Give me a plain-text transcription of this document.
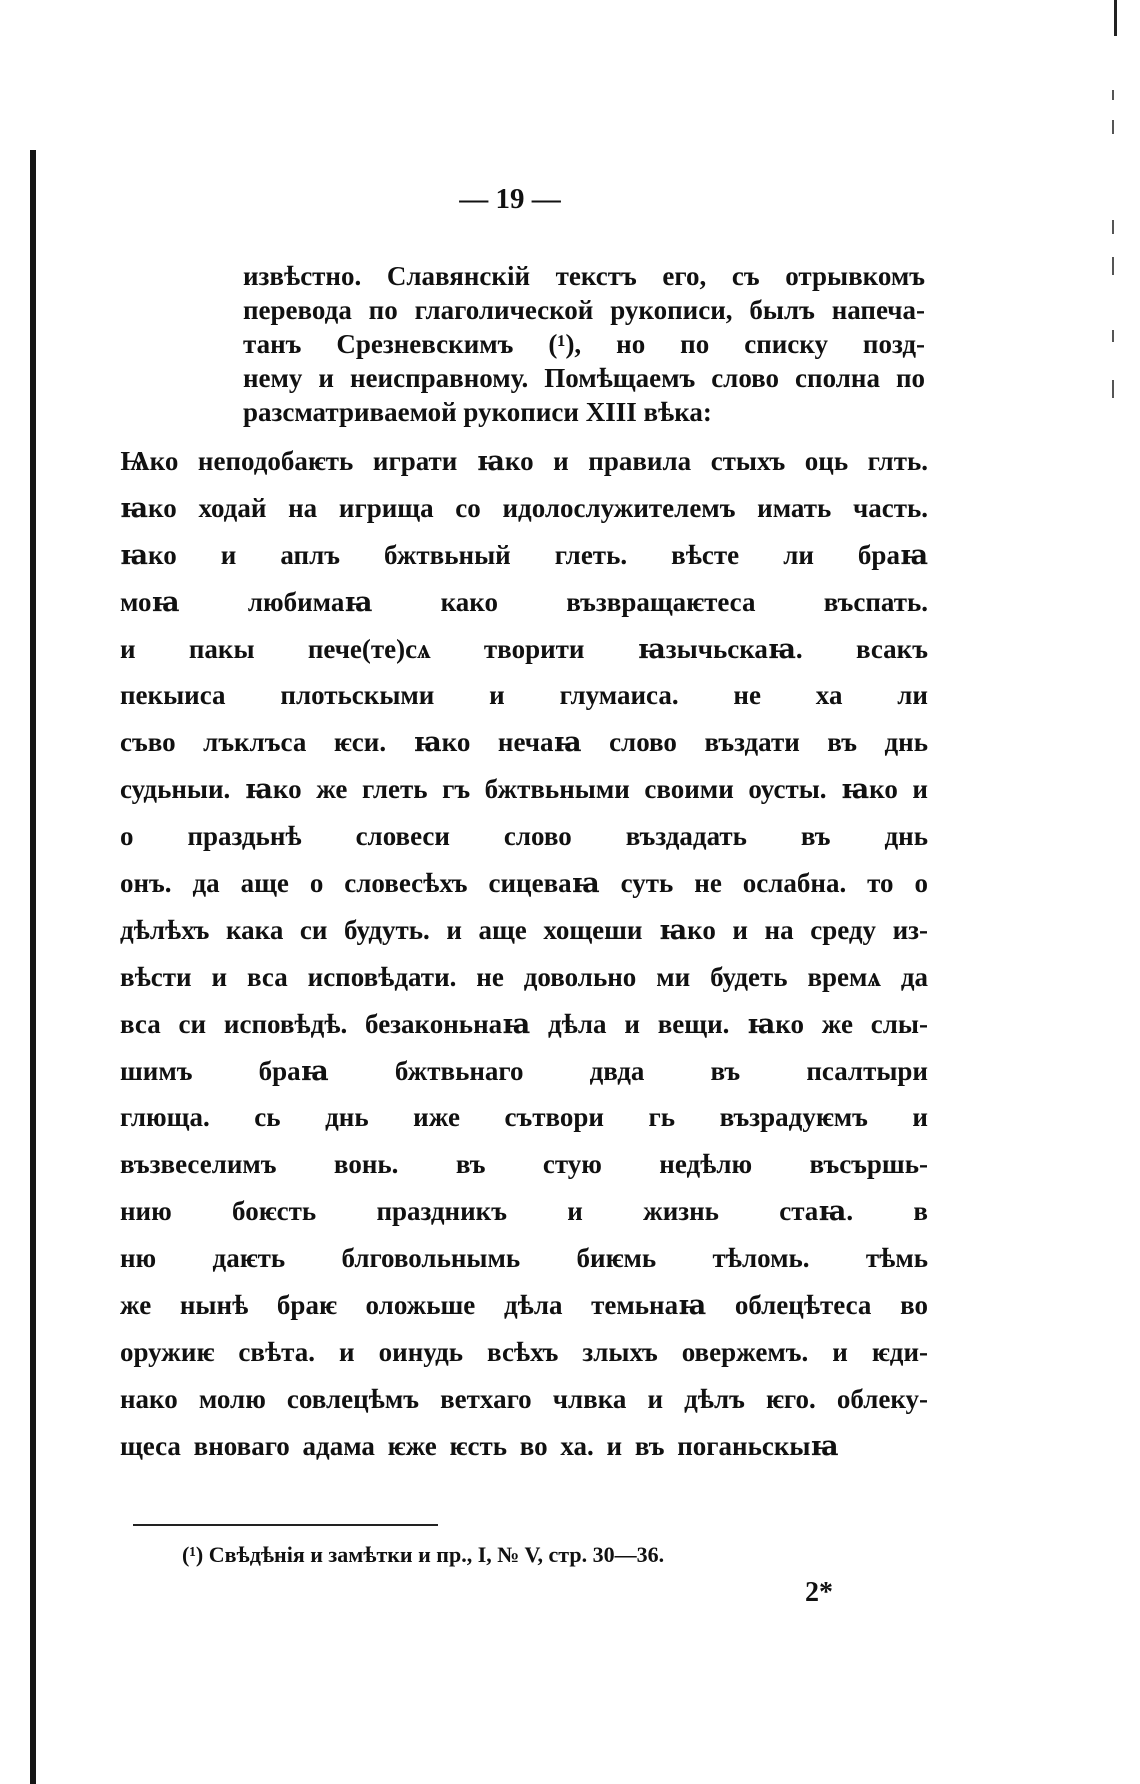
— 19 —
извѣстно. Славянскій текстъ его, съ отрывкомъ
перевода по глаголической рукописи, былъ напеча-
танъ Срезневскимъ (¹), но по списку позд-
нему и неисправному. Помѣщаемъ слово сполна по
разсматриваемой рукописи XIII вѣка:
Ѩко неподобаѥть играти ꙗко и правила стыхъ оць глть.
ꙗко ходай на игрища со идолослужителемъ имать часть.
ꙗко и аплъ бжтвьный глеть. вѣсте ли браꙗ
моꙗ любимаꙗ како възвращаѥтеса въспать.
и пакы пече(те)сѧ творити ꙗзычьскаꙗ. всакъ
пекыиса плотьскыми и глумаиса. не ха ли
съво лъклъса ѥси. ꙗко нечаꙗ слово въздати въ днь
судьныи. ꙗко же глеть гъ бжтвьными своими оусты. ꙗко и
о праздьнѣ словеси слово въздадать въ днь
онъ. да аще о словесѣхъ сицеваꙗ суть не ослабна. то о
дѣлѣхъ кака си будуть. и аще хощеши ꙗко и на среду из-
вѣсти и вса исповѣдати. не довольно ми будеть времѧ да
вса си исповѣдѣ. безаконьнаꙗ дѣла и вещи. ꙗко же слы-
шимъ браꙗ бжтвьнаго двда въ псалтыри
глюща. сь днь иже сътвори гь възрадуѥмъ и
възвеселимъ вонь. въ стую недѣлю въсършь-
нию боѥсть праздникъ и жизнь стаꙗ. в
ню даѥть блговольнымь биѥмь тѣломь. тѣмь
же нынѣ браѥ оложьше дѣла темьнаꙗ облецѣтеса во
оружиѥ свѣта. и оинудь всѣхъ злыхъ овержемъ. и ѥди-
нако молю совлецѣмъ ветхаго члвка и дѣлъ ѥго. облеку-
щеса вноваго адама ѥже ѥсть во ха. и въ поганьскыꙗ
(¹) Свѣдѣнія и замѣтки и пр., I, № V, стр. 30—36.
2*
